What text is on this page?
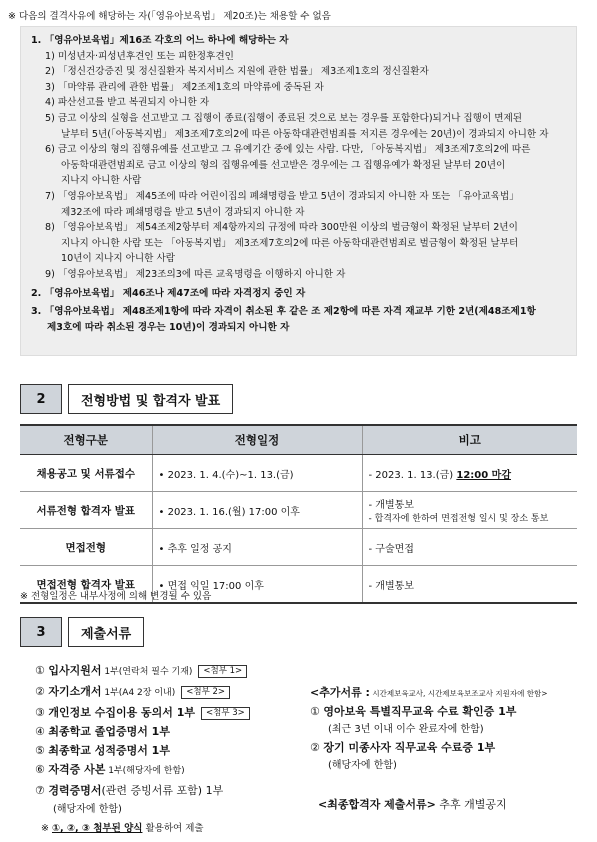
※ 다음의 결격사유에 해당하는 자(「영유아보육법」 제20조)는 채용할 수 없음

1. 「영유아보육법」제16조 각호의 어느 하나에 해당하는 자

1) 미성년자·피성년후견인 또는 피한정후견인

2) 「정신건강증진 및 정신질환자 복지서비스 지원에 관한 법률」 제3조제1호의 정신질환자

3) 「마약류 관리에 관한 법률」 제2조제1호의 마약류에 중독된 자

4) 파산선고를 받고 복권되지 아니한 자

5) 금고 이상의 실형을 선고받고 그 집행이 종료(집행이 종료된 것으로 보는 경우를 포함한다)되거나 집행이 면제된

날부터 5년(「아동복지법」 제3조제7호의2에 따른 아동학대관련범죄를 저지른 경우에는 20년)이 경과되지 아니한 자

6) 금고 이상의 형의 집행유예를 선고받고 그 유예기간 중에 있는 사람. 다만, 「아동복지법」 제3조제7호의2에 따른

아동학대관련범죄로 금고 이상의 형의 집행유예를 선고받은 경우에는 그 집행유예가 확정된 날부터 20년이

지나지 아니한 사람

7) 「영유아보육법」 제45조에 따라 어린이집의 폐쇄명령을 받고 5년이 경과되지 아니한 자 또는 「유아교육법」

제32조에 따라 폐쇄명령을 받고 5년이 경과되지 아니한 자

8) 「영유아보육법」 제54조제2항부터 제4항까지의 규정에 따라 300만원 이상의 벌금형이 확정된 날부터 2년이

지나지 아니한 사람 또는 「아동복지법」 제3조제7호의2에 따른 아동학대관련범죄로 벌금형이 확정된 날부터

10년이 지나지 아니한 사람

9) 「영유아보육법」 제23조의3에 따른 교육명령을 이행하지 아니한 자

2. 「영유아보육법」 제46조나 제47조에 따라 자격정지 중인 자

3. 「영유아보육법」 제48조제1항에 따라 자격이 취소된 후 같은 조 제2항에 따른 자격 재교부 기한 2년(제48조제1항

제3호에 따라 취소된 경우는 10년)이 경과되지 아니한 자

2	전형방법 및 합격자 발표
전형구분	전형일정	비고
채용공고 및 서류접수	• 2023. 1. 4.(수)~1. 13.(금)	- 2023. 1. 13.(금) 12:00 마감
서류전형 합격자 발표	• 2023. 1. 16.(월) 17:00 이후	- 개별통보
- 합격자에 한하여 면접전형 일시 및 장소 통보

면접전형	• 추후 일정 공지	- 구술면접
면접전형 합격자 발표	• 면접 익일 17:00 이후	- 개별통보
※ 전형일정은 내부사정에 의해 변경될 수 있음
3	제출서류
① 입사지원서 1부(연락처 필수 기재) <첨부 1>
② 자기소개서 1부(A4 2장 이내) <첨부 2>
③ 개인정보 수집이용 동의서 1부 <첨부 3>
④ 최종학교 졸업증명서 1부
⑤ 최종학교 성적증명서 1부
⑥ 자격증 사본 1부(해당자에 한함)
⑦ 경력증명서(관련 증빙서류 포함) 1부
(해당자에 한함)
※ ①, ②, ③ 첨부된 양식 활용하여 제출
<추가서류 : 시간제보육교사, 시간제보육보조교사 지원자에 한함>
① 영아보육 특별직무교육 수료 확인증 1부
(최근 3년 이내 이수 완료자에 한함)
② 장기 미종사자 직무교육 수료증 1부
(해당자에 한함)
<최종합격자 제출서류> 추후 개별공지
